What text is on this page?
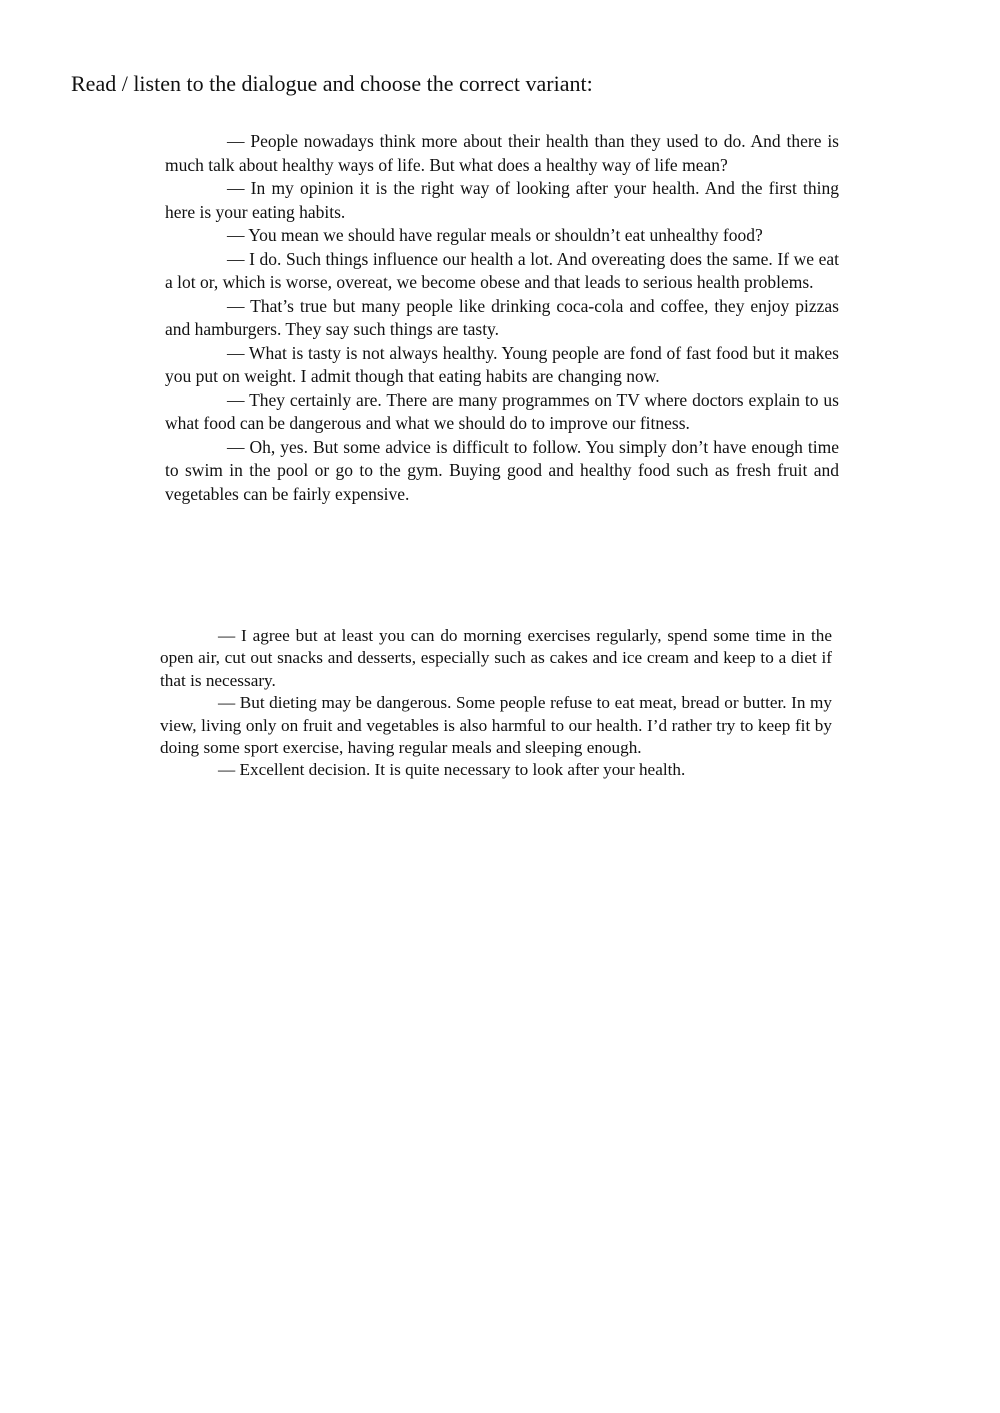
Read / listen to the dialogue and choose the correct variant:

— People nowadays think more about their health than they used to do. And there is much talk about healthy ways of life. But what does a healthy way of life mean?

— In my opinion it is the right way of looking after your health. And the first thing here is your eating habits.

— You mean we should have regular meals or shouldn’t eat unhealthy food?

— I do. Such things influence our health a lot. And overeating does the same. If we eat a lot or, which is worse, overeat, we become obese and that leads to serious health problems.

— That’s true but many people like drinking coca-cola and coffee, they enjoy pizzas and hamburgers. They say such things are tasty.

— What is tasty is not always healthy. Young people are fond of fast food but it makes you put on weight. I admit though that eating habits are changing now.

— They certainly are. There are many programmes on TV where doctors explain to us what food can be dangerous and what we should do to improve our fitness.

— Oh, yes. But some advice is difficult to follow. You simply don’t have enough time to swim in the pool or go to the gym. Buying good and healthy food such as fresh fruit and vegetables can be fairly expensive.

— I agree but at least you can do morning exercises regularly, spend some time in the open air, cut out snacks and desserts, especially such as cakes and ice cream and keep to a diet if that is necessary.

— But dieting may be dangerous. Some people refuse to eat meat, bread or butter. In my view, living only on fruit and vegetables is also harmful to our health. I’d rather try to keep fit by doing some sport exercise, having regular meals and sleeping enough.

— Excellent decision. It is quite necessary to look after your health.
